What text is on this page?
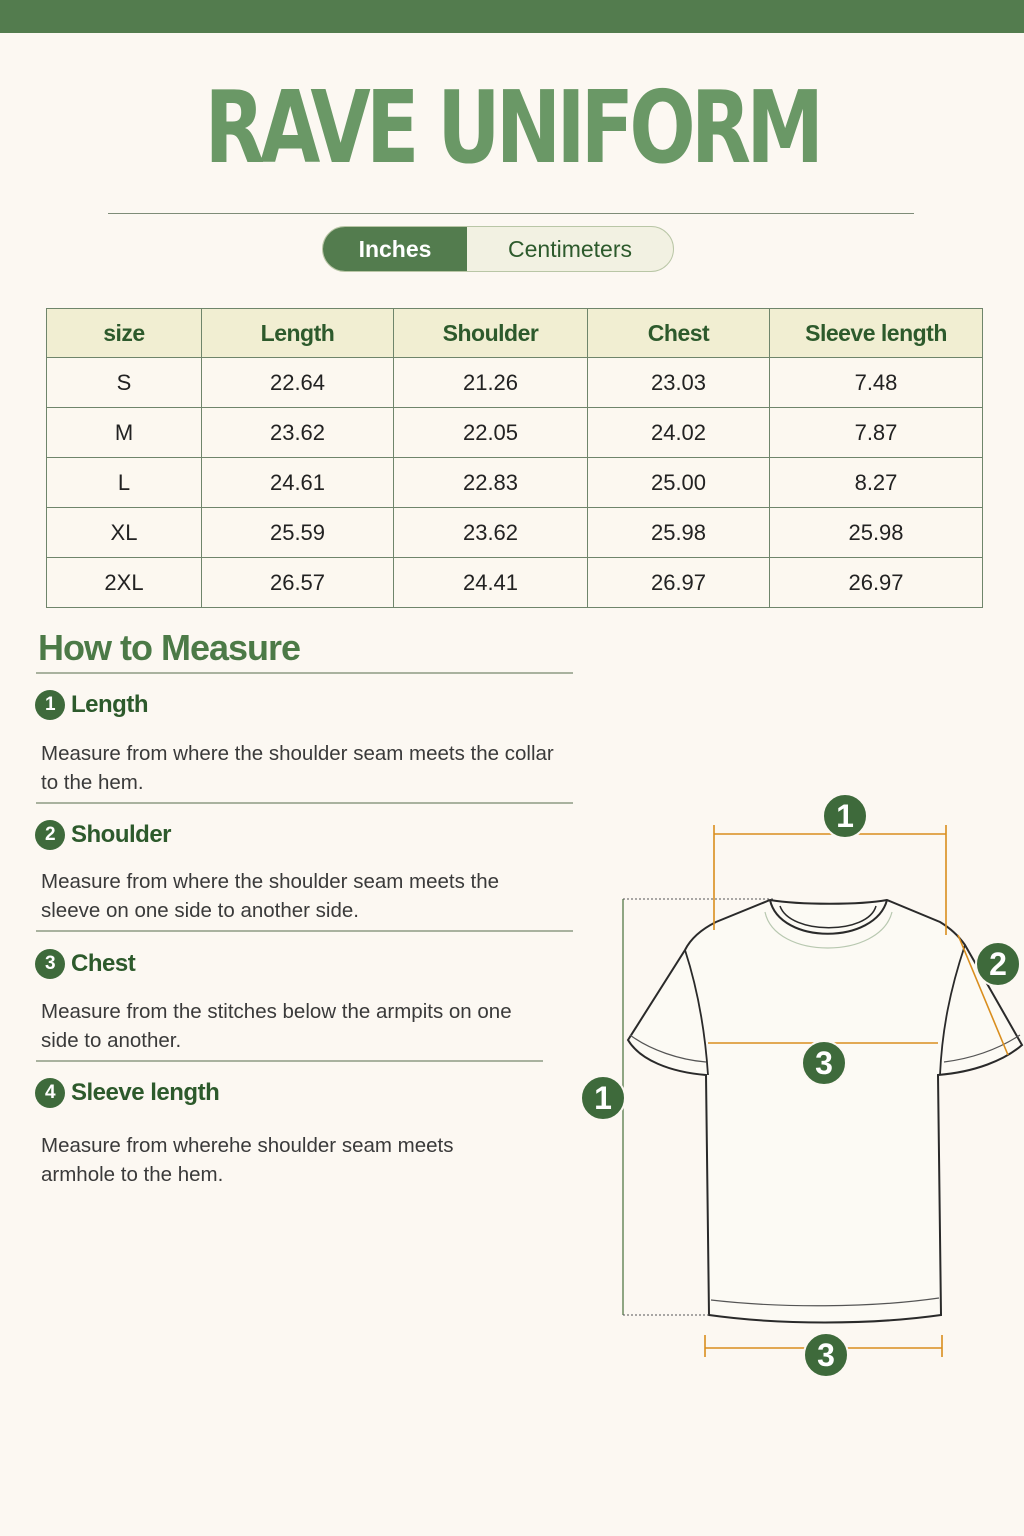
RAVE UNIFORM
Inches	Centimeters
size	Length	Shoulder	Chest	Sleeve length
S	22.64	21.26	23.03	7.48
M	23.62	22.05	24.02	7.87
L	24.61	22.83	25.00	8.27
XL	25.59	23.62	25.98	25.98
2XL	26.57	24.41	26.97	26.97
How to Measure
1 Length
Measure from where the shoulder seam meets the collar to the hem.
2 Shoulder
Measure from where the shoulder seam meets the sleeve on one side to another side.
3 Chest
Measure from the stitches below the armpits on one side to another.
4 Sleeve length
Measure from wherehe shoulder seam meets armhole to the hem.
1
2
3
1
3
